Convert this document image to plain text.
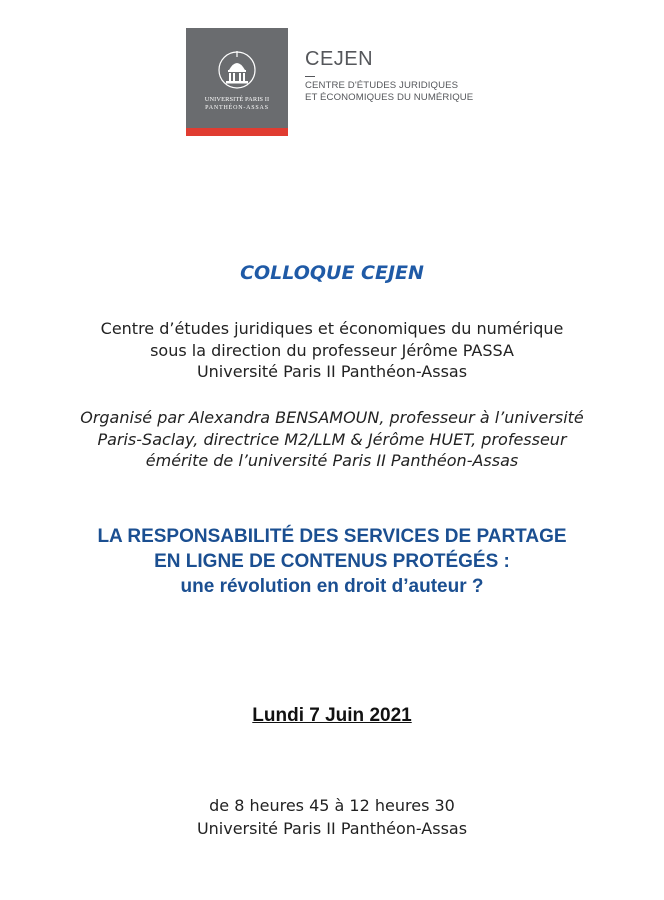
UNIVERSITÉ PARIS II
PANTHÉON-ASSAS
CEJEN
CENTRE D'ÉTUDES JURIDIQUES
ET ÉCONOMIQUES DU NUMÉRIQUE
COLLOQUE CEJEN
Centre d’études juridiques et économiques du numérique
sous la direction du professeur Jérôme PASSA
Université Paris II Panthéon-Assas
Organisé par Alexandra BENSAMOUN, professeur à l’université
Paris-Saclay, directrice M2/LLM & Jérôme HUET, professeur
émérite de l’université Paris II Panthéon-Assas
LA RESPONSABILITÉ DES SERVICES DE PARTAGE
EN LIGNE DE CONTENUS PROTÉGÉS :
une révolution en droit d’auteur ?
Lundi 7 Juin 2021
de 8 heures 45 à 12 heures 30
Université Paris II Panthéon-Assas
